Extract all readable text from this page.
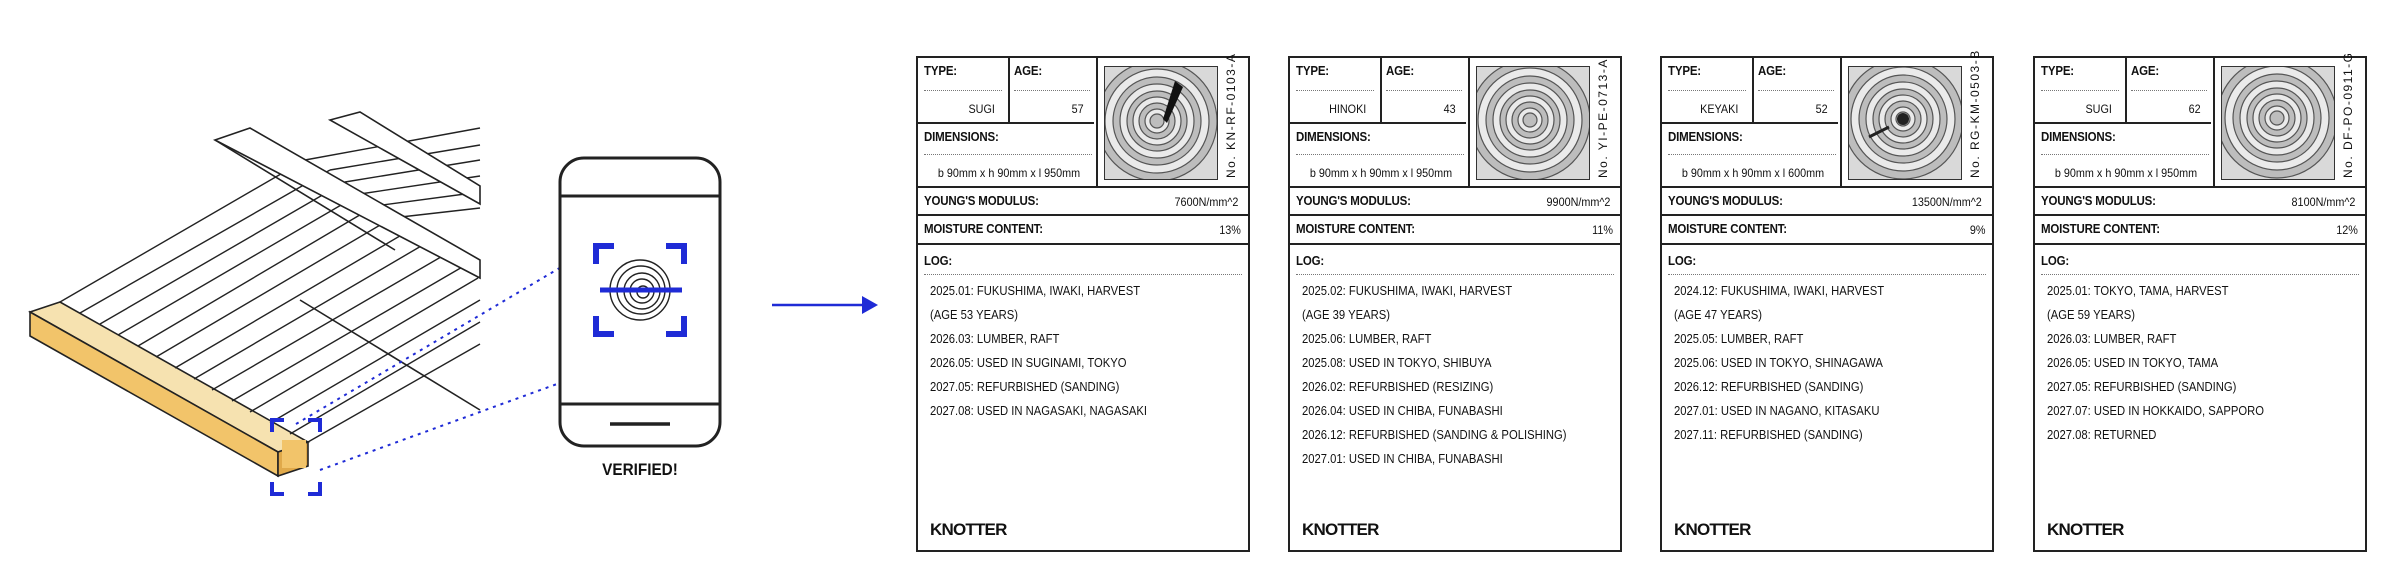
VERIFIED!
TYPE:
SUGI
AGE:
57
DIMENSIONS:
b 90mm x h 90mm x l 950mm	No. KN-RF-0103-A
YOUNG'S MODULUS:	7600N/mm^2
MOISTURE CONTENT:	13%
LOG:
2025.01: FUKUSHIMA, IWAKI, HARVEST
(AGE 53 YEARS)
2026.03: LUMBER, RAFT
2026.05: USED IN SUGINAMI, TOKYO
2027.05: REFURBISHED (SANDING)
2027.08: USED IN NAGASAKI, NAGASAKI
KNOTTER
TYPE:
HINOKI
AGE:
43
DIMENSIONS:
b 90mm x h 90mm x l 950mm	No. YI-PE-0713-A
YOUNG'S MODULUS:	9900N/mm^2
MOISTURE CONTENT:	11%
LOG:
2025.02: FUKUSHIMA, IWAKI, HARVEST
(AGE 39 YEARS)
2025.06: LUMBER, RAFT
2025.08: USED IN TOKYO, SHIBUYA
2026.02: REFURBISHED (RESIZING)
2026.04: USED IN CHIBA, FUNABASHI
2026.12: REFURBISHED (SANDING & POLISHING)
2027.01: USED IN CHIBA, FUNABASHI
KNOTTER
TYPE:
KEYAKI
AGE:
52
DIMENSIONS:
b 90mm x h 90mm x l 600mm	No. RG-KM-0503-B
YOUNG'S MODULUS:	13500N/mm^2
MOISTURE CONTENT:	9%
LOG:
2024.12: FUKUSHIMA, IWAKI, HARVEST
(AGE 47 YEARS)
2025.05: LUMBER, RAFT
2025.06: USED IN TOKYO, SHINAGAWA
2026.12: REFURBISHED (SANDING)
2027.01: USED IN NAGANO, KITASAKU
2027.11: REFURBISHED (SANDING)
KNOTTER
TYPE:
SUGI
AGE:
62
DIMENSIONS:
b 90mm x h 90mm x l 950mm	No. DF-PO-0911-G
YOUNG'S MODULUS:	8100N/mm^2
MOISTURE CONTENT:	12%
LOG:
2025.01: TOKYO, TAMA, HARVEST
(AGE 59 YEARS)
2026.03: LUMBER, RAFT
2026.05: USED IN TOKYO, TAMA
2027.05: REFURBISHED (SANDING)
2027.07: USED IN HOKKAIDO, SAPPORO
2027.08: RETURNED
KNOTTER
